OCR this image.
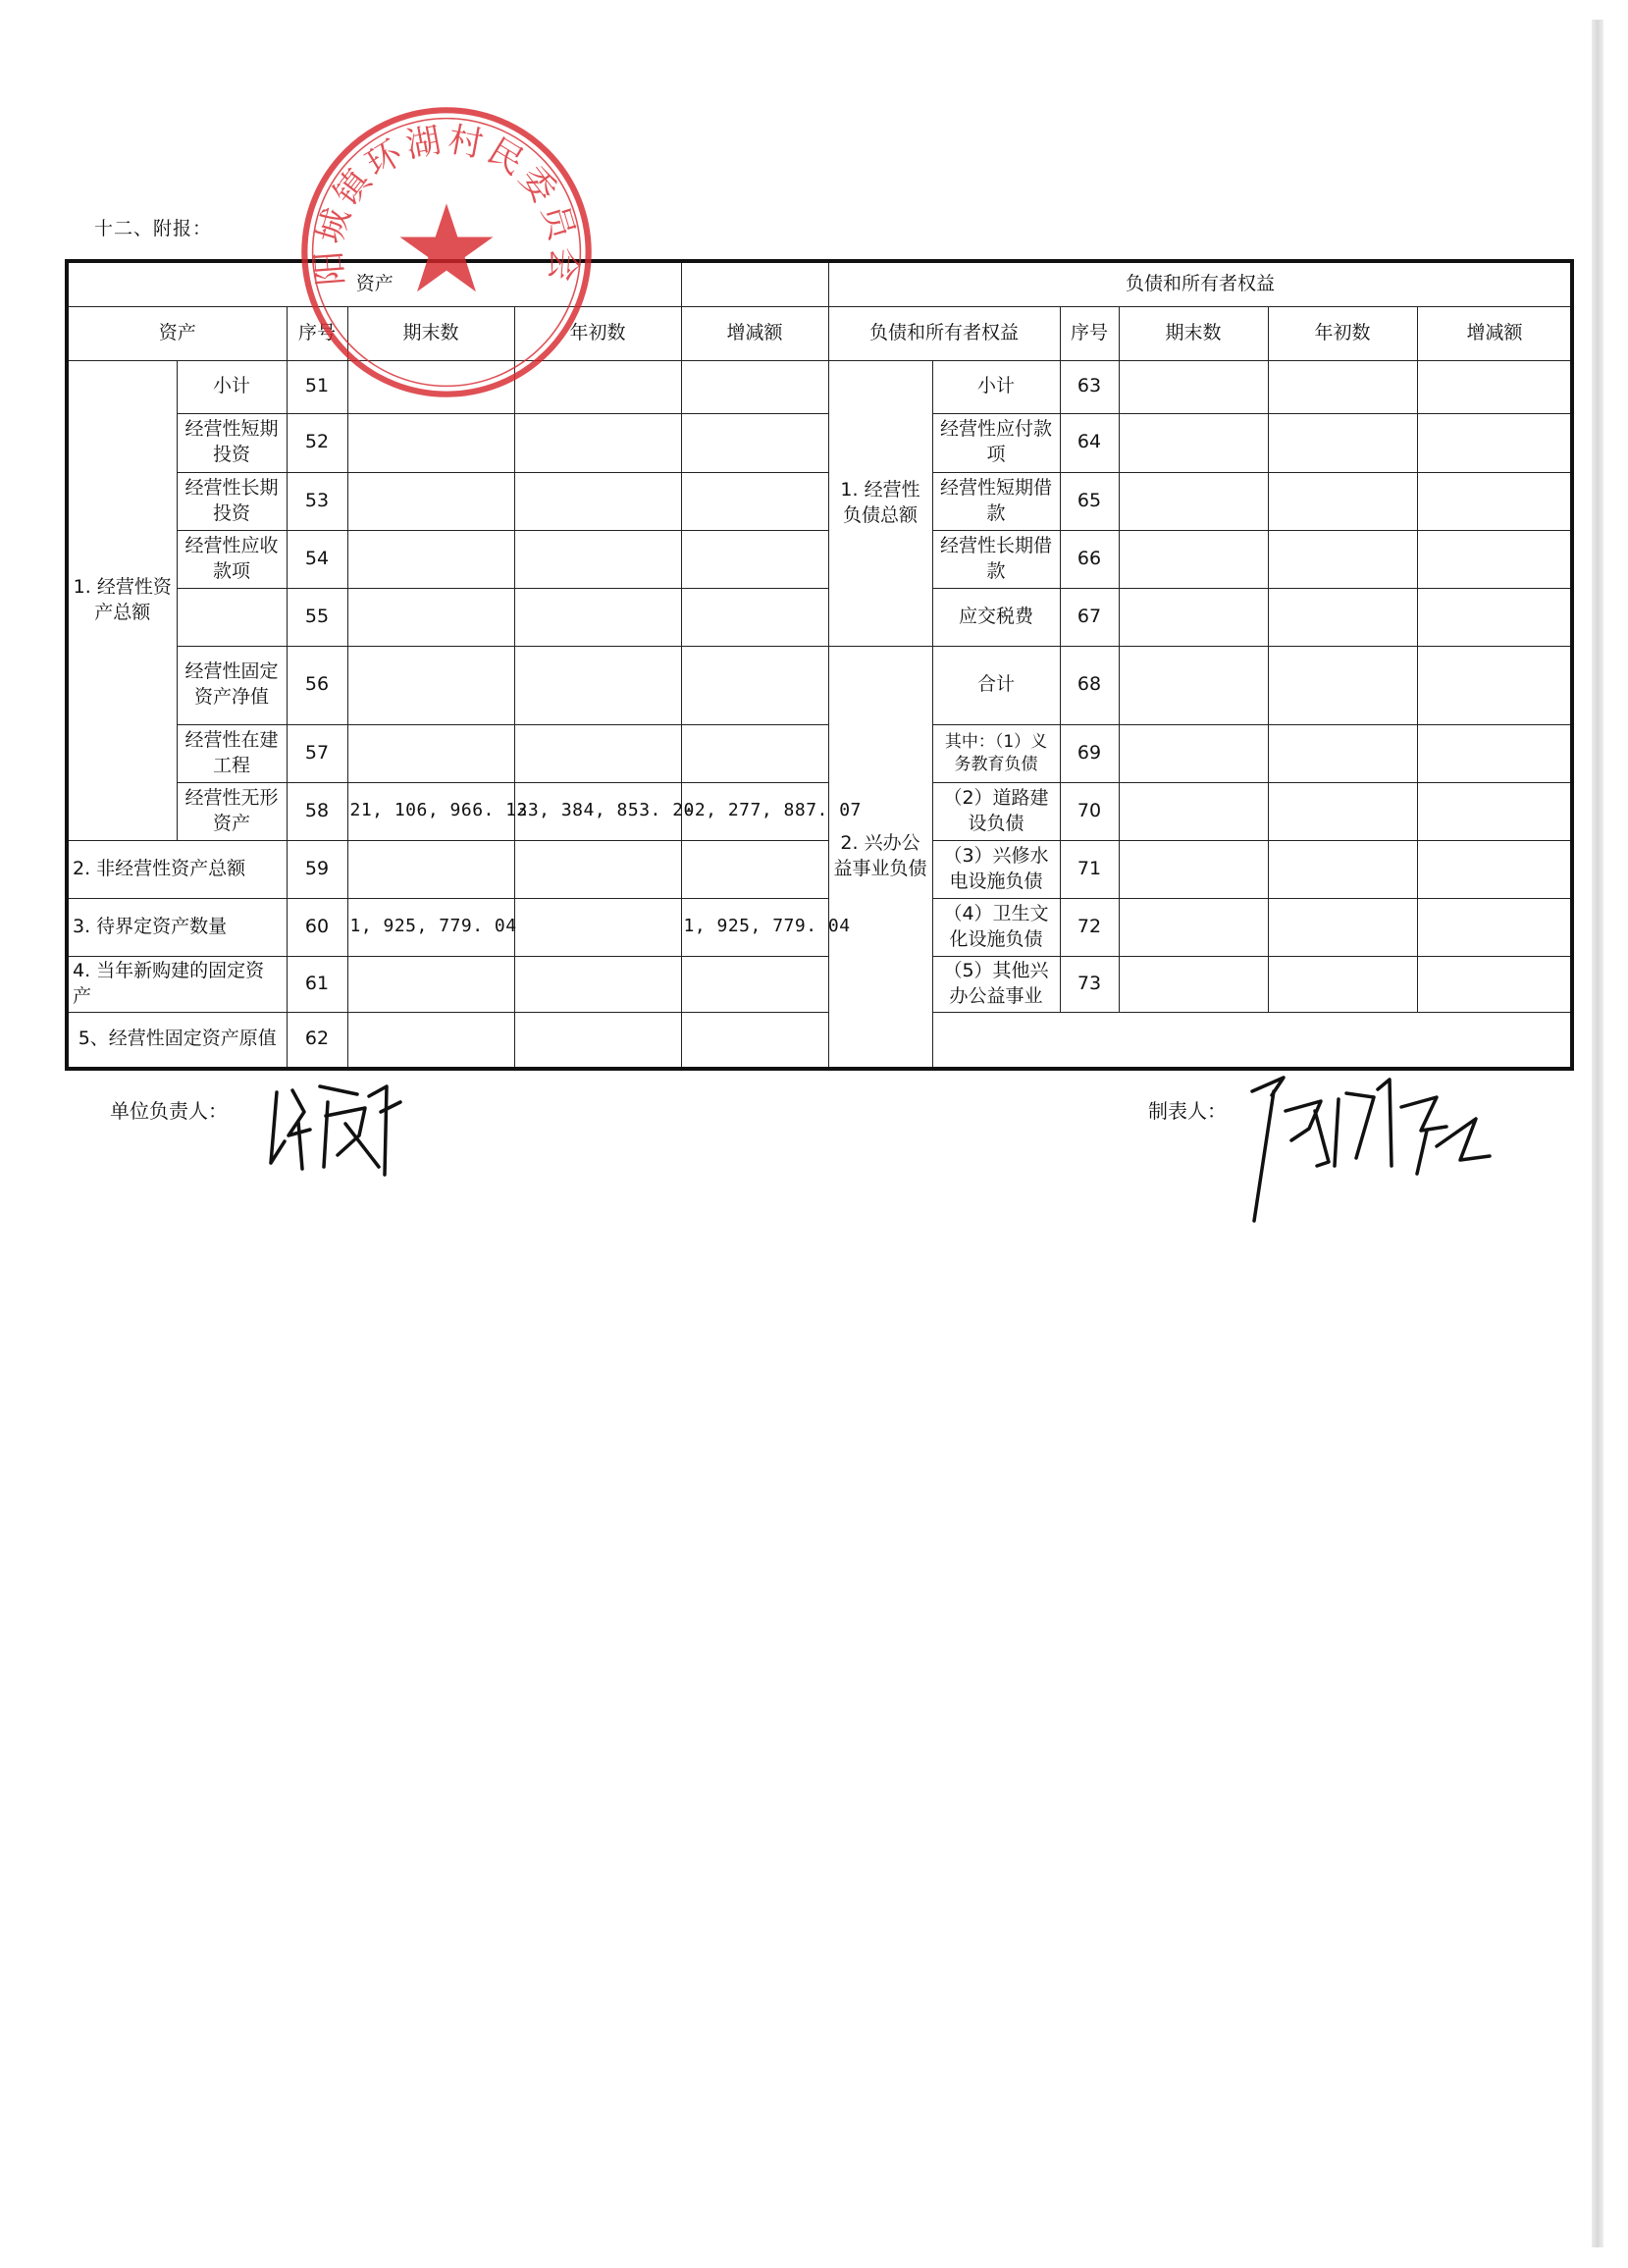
十二、附报：
资产						负债和所有者权益					
资产		序号	期末数	年初数	增减额	负债和所有者权益		序号	期末数	年初数	增减额
1. 经营性资产总额	小计	51				1. 经营性负债总额	小计	63			
	经营性短期投资	52					经营性应付款项	64			
	经营性长期投资	53					经营性短期借款	65			
	经营性应收款项	54					经营性长期借款	66			
		55					应交税费	67			
	经营性固定资产净值	56				2. 兴办公益事业负债	合计	68			
	经营性在建工程	57					其中：（1）义务教育负债	69			
	经营性无形资产	58	21, 106, 966. 13	23, 384, 853. 20	-2, 277, 887. 07		（2）道路建设负债	70			
2. 非经营性资产总额		59					（3）兴修水电设施负债	71			
3. 待界定资产数量		60	1, 925, 779. 04		1, 925, 779. 04		（4）卫生文化设施负债	72			
4. 当年新购建的固定资产		61					（5）其他兴办公益事业	73			
5、经营性固定资产原值		62									
阳城镇环湖村民委员会
单位负责人：	制表人：
